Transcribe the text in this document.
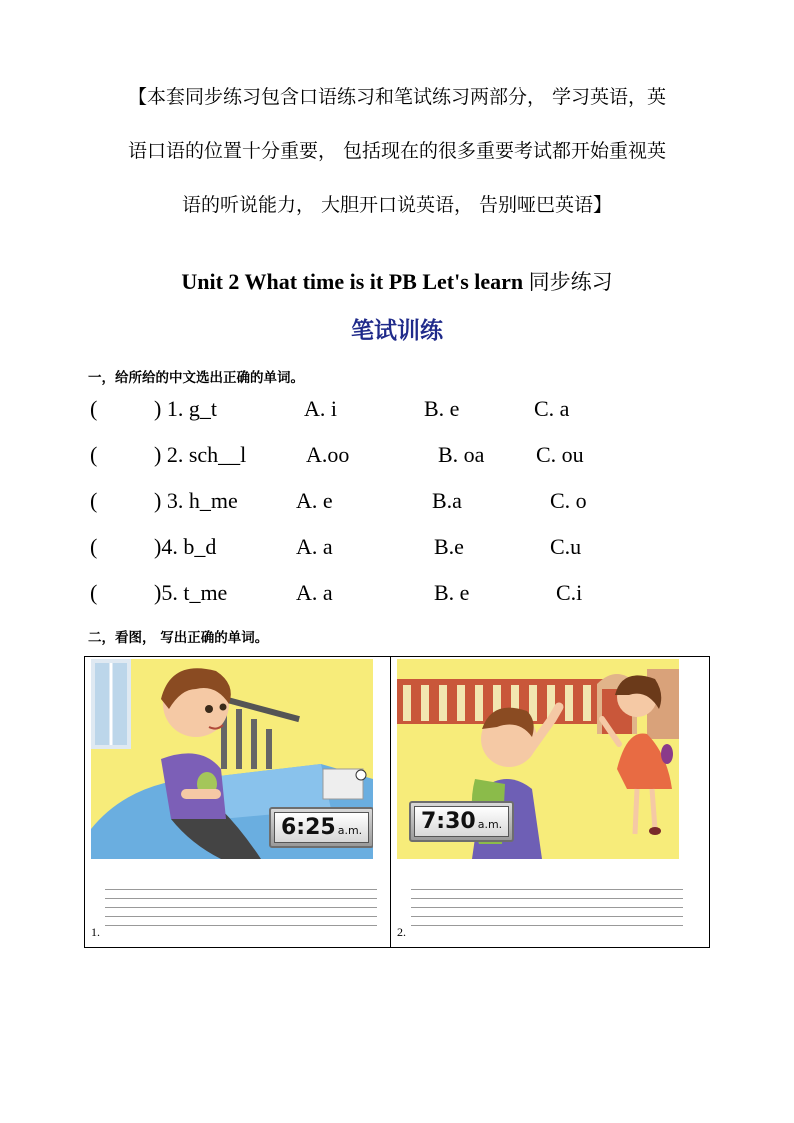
【本套同步练习包含口语练习和笔试练习两部分， 学习英语，英
语口语的位置十分重要， 包括现在的很多重要考试都开始重视英
语的听说能力， 大胆开口说英语， 告别哑巴英语】
Unit 2 What time is it PB Let's learn 同步练习
笔试训练
一，给所给的中文选出正确的单词。
(	) 1. g_t	A. i	B. e	C. a
(	) 2. sch__l	A.oo	B. oa C. ou
(	) 3. h_me	A. e	B.a	C. o
(	)4. b_d	A. a	B.e	C.u
(	)5. t_me	A. a	B. e	C.i
二，看图， 写出正确的单词。
6:25 a.m.
1.
7:30 a.m.
2.
